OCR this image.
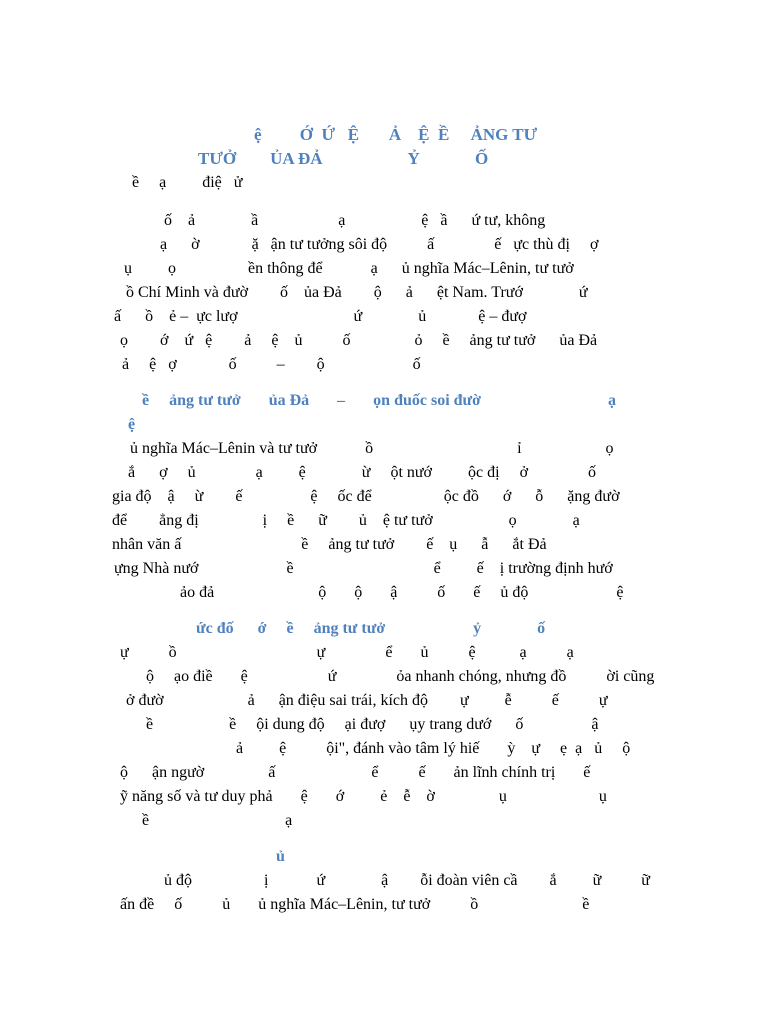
ệ         Ớ  Ứ   Ệ       Ả    Ệ  Ề     ẢNG TƯ
TƯỞ        ỦA ĐẢ                    Ỷ             Ố
ề     ạ         điệ   ử
ố    ả              ầ                    ạ                   ệ   ầ      ứ tư, không
ạ      ờ             ặ   ận tư tưởng sôi độ          ấ               ế   ực thù đị     ợ
ụ         ọ                  ền thông để            ạ      ủ nghĩa Mác–Lênin, tư tưở
ồ Chí Minh và đườ        ố    ủa Đả        ộ      ả      ệt Nam. Trướ              ứ
ấ      ồ    ẻ –  ực lượ                             ứ              ủ             ệ – đượ
ọ        ớ    ứ   ệ        ả     ệ    ủ          ố                ỏ     ề     ảng tư tưở      ủa Đả
ả     ệ   ợ             ố          –        ộ                      ố
ề     ảng tư tưở       ủa Đả       –       ọn đuốc soi đườ	ạ
ệ
ủ nghĩa Mác–Lênin và tư tưở            ồ                                    ỉ                     ọ
ắ      ợ     ủ               ạ         ệ              ừ     ột nướ         ộc đị     ở               ố
gia độ    ậ     ừ        ế                 ệ     ốc để                  ộc đồ      ớ      ỗ      ặng đườ
để        ẳng đị                ị     ề      ữ        ủ    ệ tư tưở                   ọ              ạ
nhân văn ấ                              ề     ảng tư tưở        ế    ụ      ẫ      ắt Đả
ựng Nhà nướ                      ề                                   ể         ế    ị trường định hướ
ảo đả                          ộ       ộ       ậ          ố       ế     ủ độ                      ệ
ức đố      ớ     ề     ảng tư tưở                      ỷ              ố
ự          ồ                                   ự               ể       ủ          ệ           ạ          ạ
ộ     ạo điề       ệ                    ứ               ỏa nhanh chóng, nhưng đồ          ời cũng
ở đườ                     ả      ận điệu sai trái, kích độ        ự         ễ          ế          ự
ề                   ề     ội dung độ     ại đượ      ụy trang dướ      ố                 ậ
ả         ệ          ội", đánh vào tâm lý hiế       ỳ    ự     ẹ  ạ   ủ     ộ
ộ      ận ngườ                ấ                        ể          ế       ản lĩnh chính trị       ế
ỹ năng số và tư duy phả       ệ       ớ         ẻ    ễ    ờ                ụ                       ụ
ề                                  ạ
ủ
ủ độ                  ị            ứ              ậ        ỗi đoàn viên cầ        ắ         ữ          ữ
ấn đề     ố          ủ       ủ nghĩa Mác–Lênin, tư tưở          ồ                          ề
